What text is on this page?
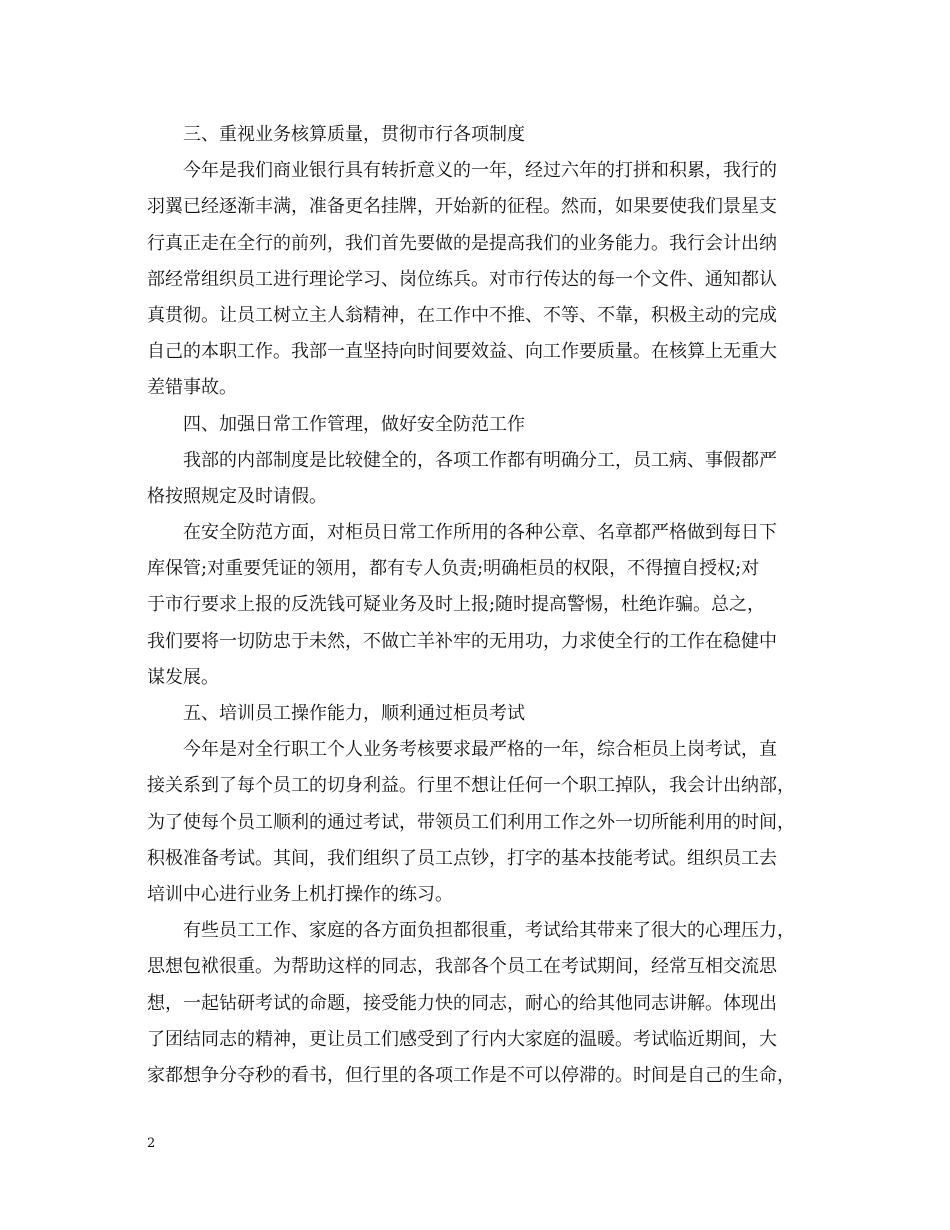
三、重视业务核算质量，贯彻市行各项制度
今年是我们商业银行具有转折意义的一年，经过六年的打拼和积累，我行的
羽翼已经逐渐丰满，准备更名挂牌，开始新的征程。然而，如果要使我们景星支
行真正走在全行的前列，我们首先要做的是提高我们的业务能力。我行会计出纳
部经常组织员工进行理论学习、岗位练兵。对市行传达的每一个文件、通知都认
真贯彻。让员工树立主人翁精神，在工作中不推、不等、不靠，积极主动的完成
自己的本职工作。我部一直坚持向时间要效益、向工作要质量。在核算上无重大
差错事故。
四、加强日常工作管理，做好安全防范工作
我部的内部制度是比较健全的，各项工作都有明确分工，员工病、事假都严
格按照规定及时请假。
在安全防范方面，对柜员日常工作所用的各种公章、名章都严格做到每日下
库保管;对重要凭证的领用，都有专人负责;明确柜员的权限，不得擅自授权;对
于市行要求上报的反洗钱可疑业务及时上报;随时提高警惕，杜绝诈骗。总之，
我们要将一切防忠于未然，不做亡羊补牢的无用功，力求使全行的工作在稳健中
谋发展。
五、培训员工操作能力，顺利通过柜员考试
今年是对全行职工个人业务考核要求最严格的一年，综合柜员上岗考试，直
接关系到了每个员工的切身利益。行里不想让任何一个职工掉队，我会计出纳部，
为了使每个员工顺利的通过考试，带领员工们利用工作之外一切所能利用的时间，
积极准备考试。其间，我们组织了员工点钞，打字的基本技能考试。组织员工去
培训中心进行业务上机打操作的练习。
有些员工工作、家庭的各方面负担都很重，考试给其带来了很大的心理压力，
思想包袱很重。为帮助这样的同志，我部各个员工在考试期间，经常互相交流思
想，一起钻研考试的命题，接受能力快的同志，耐心的给其他同志讲解。体现出
了团结同志的精神，更让员工们感受到了行内大家庭的温暖。考试临近期间，大
家都想争分夺秒的看书，但行里的各项工作是不可以停滞的。时间是自己的生命，
2
